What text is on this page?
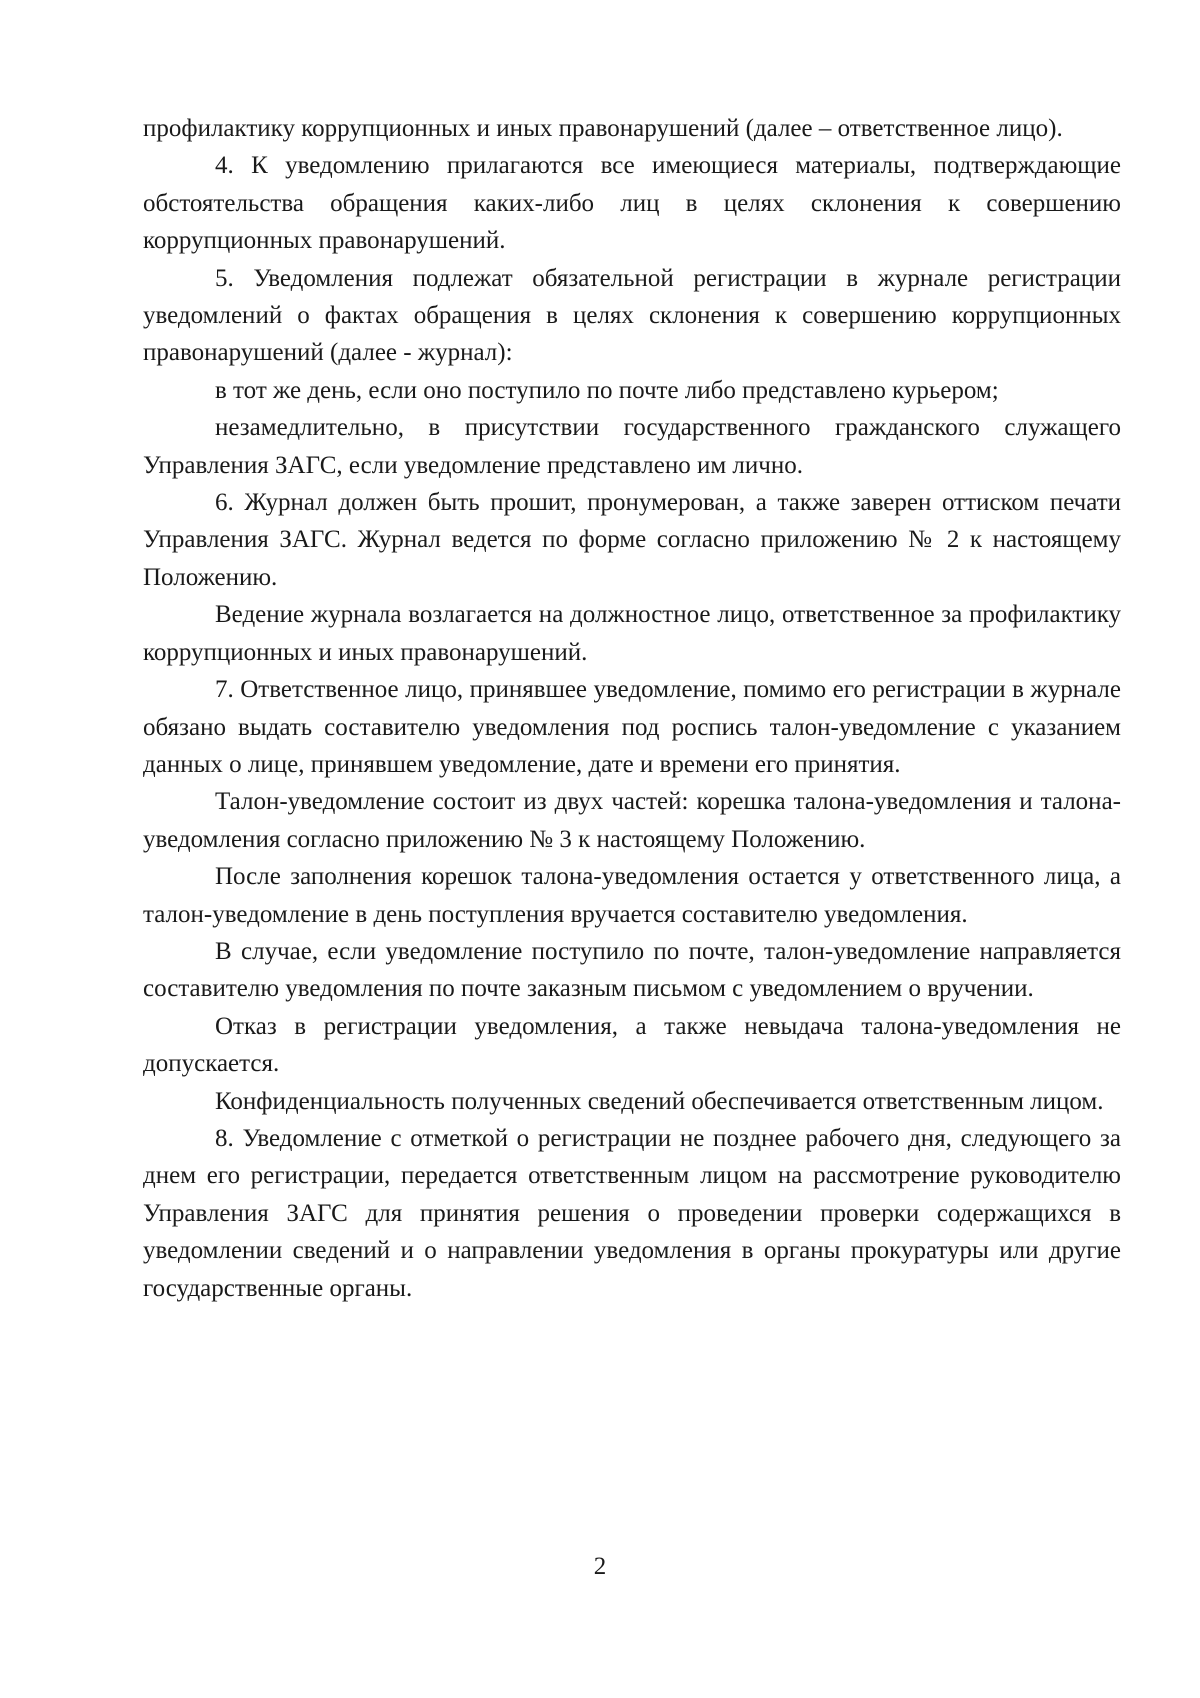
профилактику коррупционных и иных правонарушений (далее – ответственное лицо).

4. К уведомлению прилагаются все имеющиеся материалы, подтверждающие обстоятельства обращения каких-либо лиц в целях склонения к совершению коррупционных правонарушений.

5. Уведомления подлежат обязательной регистрации в журнале регистрации уведомлений о фактах обращения в целях склонения к совершению коррупционных правонарушений (далее - журнал):

в тот же день, если оно поступило по почте либо представлено курьером;

незамедлительно, в присутствии государственного гражданского служащего Управления ЗАГС, если уведомление представлено им лично.

6. Журнал должен быть прошит, пронумерован, а также заверен оттиском печати Управления ЗАГС. Журнал ведется по форме согласно приложению № 2 к настоящему Положению.

Ведение журнала возлагается на должностное лицо, ответственное за профилактику коррупционных и иных правонарушений.

7. Ответственное лицо, принявшее уведомление, помимо его регистрации в журнале обязано выдать составителю уведомления под роспись талон-уведомление с указанием данных о лице, принявшем уведомление, дате и времени его принятия.

Талон-уведомление состоит из двух частей: корешка талона-уведомления и талона-уведомления согласно приложению № 3 к настоящему Положению.

После заполнения корешок талона-уведомления остается у ответственного лица, а талон-уведомление в день поступления вручается составителю уведомления.

В случае, если уведомление поступило по почте, талон-уведомление направляется составителю уведомления по почте заказным письмом с уведомлением о вручении.

Отказ в регистрации уведомления, а также невыдача талона-уведомления не допускается.

Конфиденциальность полученных сведений обеспечивается ответственным лицом.

8. Уведомление с отметкой о регистрации не позднее рабочего дня, следующего за днем его регистрации, передается ответственным лицом на рассмотрение руководителю Управления ЗАГС для принятия решения о проведении проверки содержащихся в уведомлении сведений и о направлении уведомления в органы прокуратуры или другие государственные органы.

2
